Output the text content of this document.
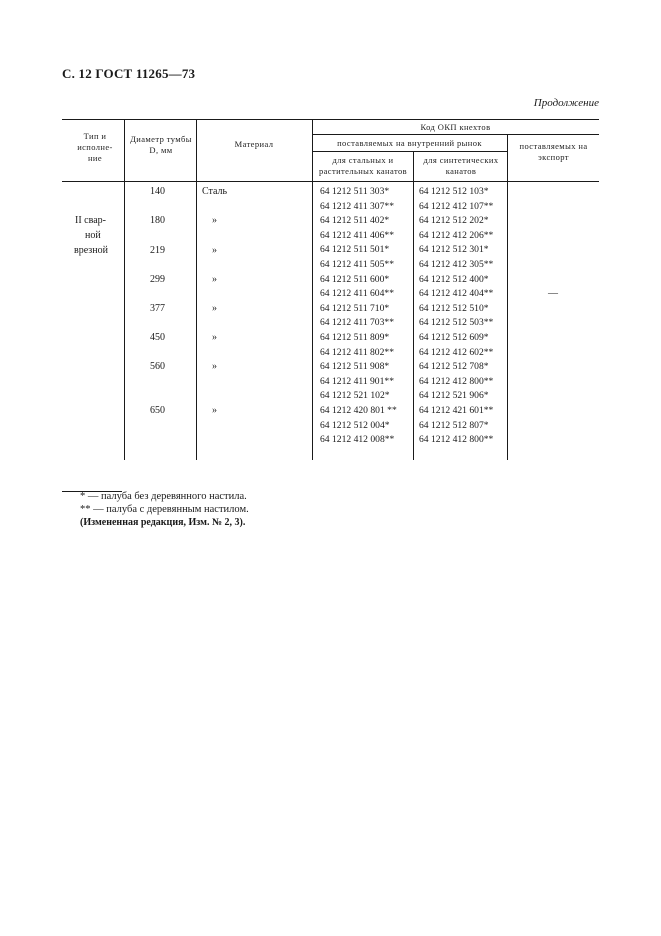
С. 12 ГОСТ 11265—73
Продолжение
Тип и исполне- ние
Диаметр тумбы D, мм
Материал
Код ОКП кнехтов
поставляемых на внутренний рынок
для стальных и растительных канатов
для синтетических канатов
поставляемых на экспорт
II свар-
ной
врезной
140
180
219
299
377
450
560
650
Сталь
»
»
»
»
»
»
»
64 1212 511 303*
64 1212 411 307**
64 1212 511 402*
64 1212 411 406**
64 1212 511 501*
64 1212 411 505**
64 1212 511 600*
64 1212 411 604**
64 1212 511 710*
64 1212 411 703**
64 1212 511 809*
64 1212 411 802**
64 1212 511 908*
64 1212 411 901**
64 1212 521 102*
64 1212 420 801 **
64 1212 512 004*
64 1212 412 008**
64 1212 512 103*
64 1212 412 107**
64 1212 512 202*
64 1212 412 206**
64 1212 512 301*
64 1212 412 305**
64 1212 512 400*
64 1212 412 404**
64 1212 512 510*
64 1212 512 503**
64 1212 512 609*
64 1212 412 602**
64 1212 512 708*
64 1212 412 800**
64 1212 521 906*
64 1212 421 601**
64 1212 512 807*
64 1212 412 800**
—
* — палуба без деревянного настила.
** — палуба с деревянным настилом.
(Измененная редакция, Изм. № 2, 3).
